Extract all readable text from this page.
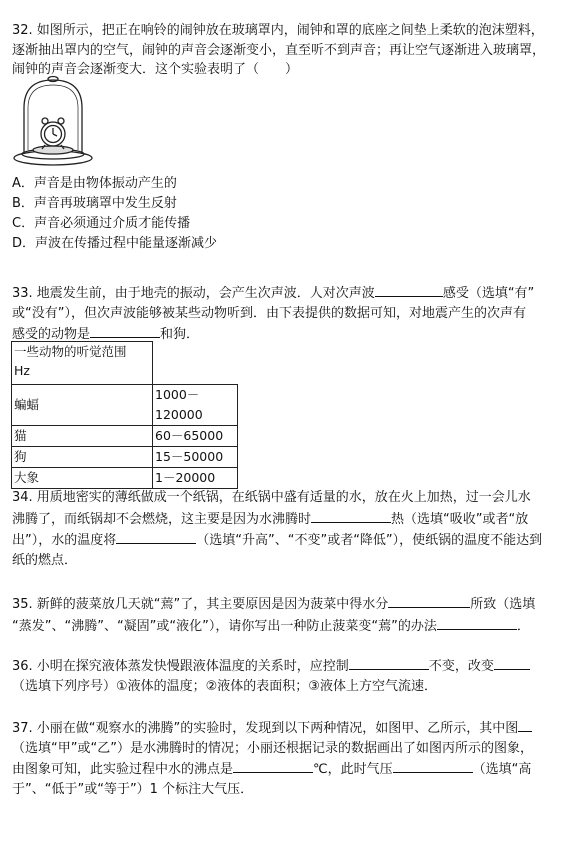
32. 如图所示，把正在响铃的闹钟放在玻璃罩内，闹钟和罩的底座之间垫上柔软的泡沫塑料，
逐渐抽出罩内的空气，闹钟的声音会逐渐变小，直至听不到声音；再让空气逐渐进入玻璃罩，
闹钟的声音会逐渐变大．这个实验表明了（　　）
A．声音是由物体振动产生的
B．声音再玻璃罩中发生反射
C．声音必须通过介质才能传播
D．声波在传播过程中能量逐渐减少
33. 地震发生前，由于地壳的振动，会产生次声波．人对次声波	感受（选填“有”
或“没有”），但次声波能够被某些动物听到．由下表提供的数据可知，对地震产生的次声有
感受的动物是	和狗．
一些动物的听觉范围
Hz	

蝙蝠	1000－120000
猫	60－65000
狗	15－50000
大象	1－20000
34. 用质地密实的薄纸做成一个纸锅，在纸锅中盛有适量的水，放在火上加热，过一会儿水
沸腾了，而纸锅却不会燃烧，这主要是因为水沸腾时	热（选填“吸收”或者“放
出”），水的温度将	（选填“升高”、“不变”或者“降低”），使纸锅的温度不能达到
纸的燃点．
35. 新鲜的菠菜放几天就“蔫”了，其主要原因是因为菠菜中得水分	所致（选填
“蒸发”、“沸腾”、“凝固”或“液化”），请你写出一种防止菠菜变“蔫”的办法	．
36. 小明在探究液体蒸发快慢跟液体温度的关系时，应控制	不变，改变
（选填下列序号）①液体的温度；②液体的表面积；③液体上方空气流速．
37. 小丽在做“观察水的沸腾”的实验时，发现到以下两种情况，如图甲、乙所示，其中图
（选填“甲”或“乙”）是水沸腾时的情况；小丽还根据记录的数据画出了如图丙所示的图象，
由图象可知，此实验过程中水的沸点是	℃，此时气压	（选填“高
于”、“低于”或“等于”）1 个标注大气压．
